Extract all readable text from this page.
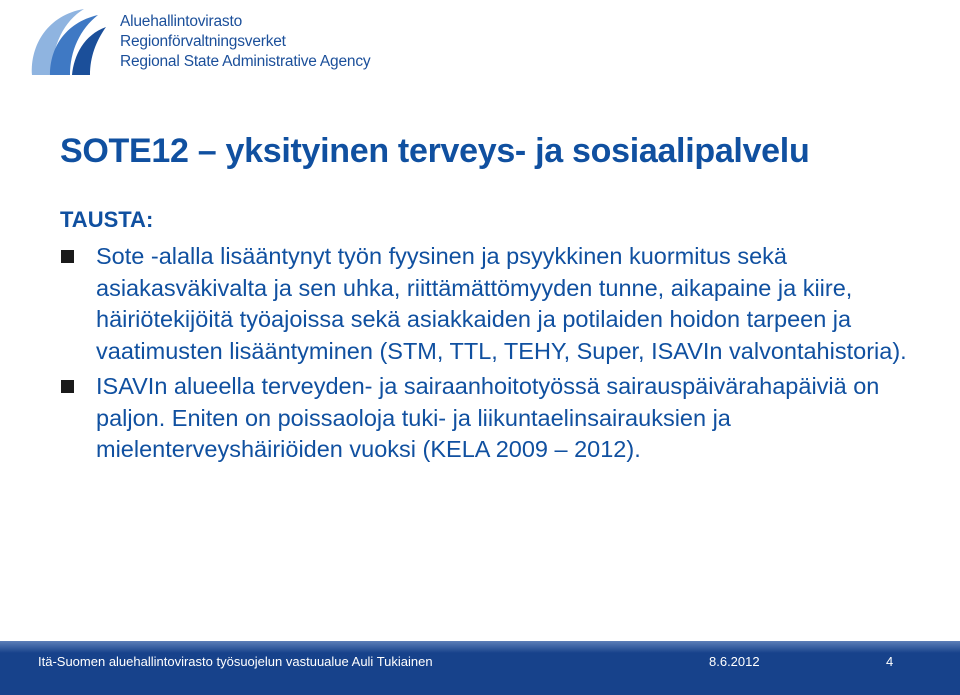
Aluehallintovirasto
Regionförvaltningsverket
Regional State Administrative Agency
SOTE12 – yksityinen terveys- ja sosiaalipalvelu
TAUSTA:
Sote -alalla lisääntynyt työn fyysinen ja psyykkinen kuormitus sekä asiakasväkivalta ja sen uhka, riittämättömyyden tunne, aikapaine ja kiire, häiriötekijöitä työajoissa sekä asiakkaiden ja potilaiden hoidon tarpeen ja vaatimusten lisääntyminen (STM, TTL, TEHY, Super, ISAVIn valvontahistoria).
ISAVIn alueella terveyden- ja sairaanhoitotyössä sairauspäivärahapäiviä on paljon. Eniten on poissaoloja tuki- ja liikuntaelinsairauksien ja mielenterveyshäiriöiden vuoksi (KELA 2009 – 2012).
Itä-Suomen aluehallintovirasto työsuojelun vastuualue Auli Tukiainen	8.6.2012	4
